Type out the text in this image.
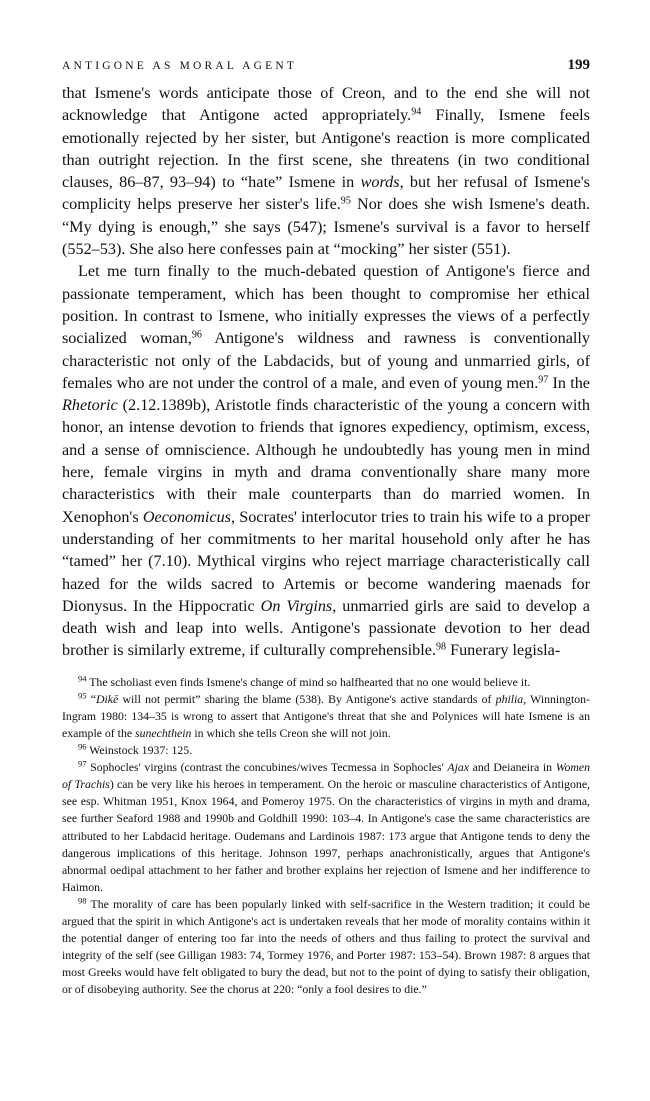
ANTIGONE AS MORAL AGENT	199

that Ismene's words anticipate those of Creon, and to the end she will not acknowledge that Antigone acted appropriately.$^{94}$ Finally, Ismene feels emotionally rejected by her sister, but Antigone's reaction is more complicated than outright rejection. In the first scene, she threatens (in two conditional clauses, 86–87, 93–94) to “hate” Ismene in words, but her refusal of Ismene's complicity helps preserve her sister's life.$^{95}$ Nor does she wish Ismene's death. “My dying is enough,” she says (547); Ismene's survival is a favor to herself (552–53). She also here confesses pain at “mocking” her sister (551).

Let me turn finally to the much-debated question of Antigone's fierce and passionate temperament, which has been thought to compromise her ethical position. In contrast to Ismene, who initially expresses the views of a perfectly socialized woman,$^{96}$ Antigone's wildness and rawness is conventionally characteristic not only of the Labdacids, but of young and unmarried girls, of females who are not under the control of a male, and even of young men.$^{97}$ In the Rhetoric (2.12.1389b), Aristotle finds characteristic of the young a concern with honor, an intense devotion to friends that ignores expediency, optimism, excess, and a sense of omniscience. Although he undoubtedly has young men in mind here, female virgins in myth and drama conventionally share many more characteristics with their male counterparts than do married women. In Xenophon's Oeconomicus, Socrates' interlocutor tries to train his wife to a proper understanding of her commitments to her marital household only after he has “tamed” her (7.10). Mythical virgins who reject marriage characteristically call hazed for the wilds sacred to Artemis or become wandering maenads for Dionysus. In the Hippocratic On Virgins, unmarried girls are said to develop a death wish and leap into wells. Antigone's passionate devotion to her dead brother is similarly extreme, if culturally comprehensible.$^{98}$ Funerary legisla-

$^{94}$ The scholiast even finds Ismene's change of mind so halfhearted that no one would believe it.

$^{95}$ “Dikē will not permit” sharing the blame (538). By Antigone's active standards of philia, Winnington-Ingram 1980: 134–35 is wrong to assert that Antigone's threat that she and Polynices will hate Ismene is an example of the sunechthein in which she tells Creon she will not join.

$^{96}$ Weinstock 1937: 125.

$^{97}$ Sophocles' virgins (contrast the concubines/wives Tecmessa in Sophocles' Ajax and Deianeira in Women of Trachis) can be very like his heroes in temperament. On the heroic or masculine characteristics of Antigone, see esp. Whitman 1951, Knox 1964, and Pomeroy 1975. On the characteristics of virgins in myth and drama, see further Seaford 1988 and 1990b and Goldhill 1990: 103–4. In Antigone's case the same characteristics are attributed to her Labdacid heritage. Oudemans and Lardinois 1987: 173 argue that Antigone tends to deny the dangerous implications of this heritage. Johnson 1997, perhaps anachronistically, argues that Antigone's abnormal oedipal attachment to her father and brother explains her rejection of Ismene and her indifference to Haimon.

$^{98}$ The morality of care has been popularly linked with self-sacrifice in the Western tradition; it could be argued that the spirit in which Antigone's act is undertaken reveals that her mode of morality contains within it the potential danger of entering too far into the needs of others and thus failing to protect the survival and integrity of the self (see Gilligan 1983: 74, Tormey 1976, and Porter 1987: 153–54). Brown 1987: 8 argues that most Greeks would have felt obligated to bury the dead, but not to the point of dying to satisfy their obligation, or of disobeying authority. See the chorus at 220: “only a fool desires to die.”
